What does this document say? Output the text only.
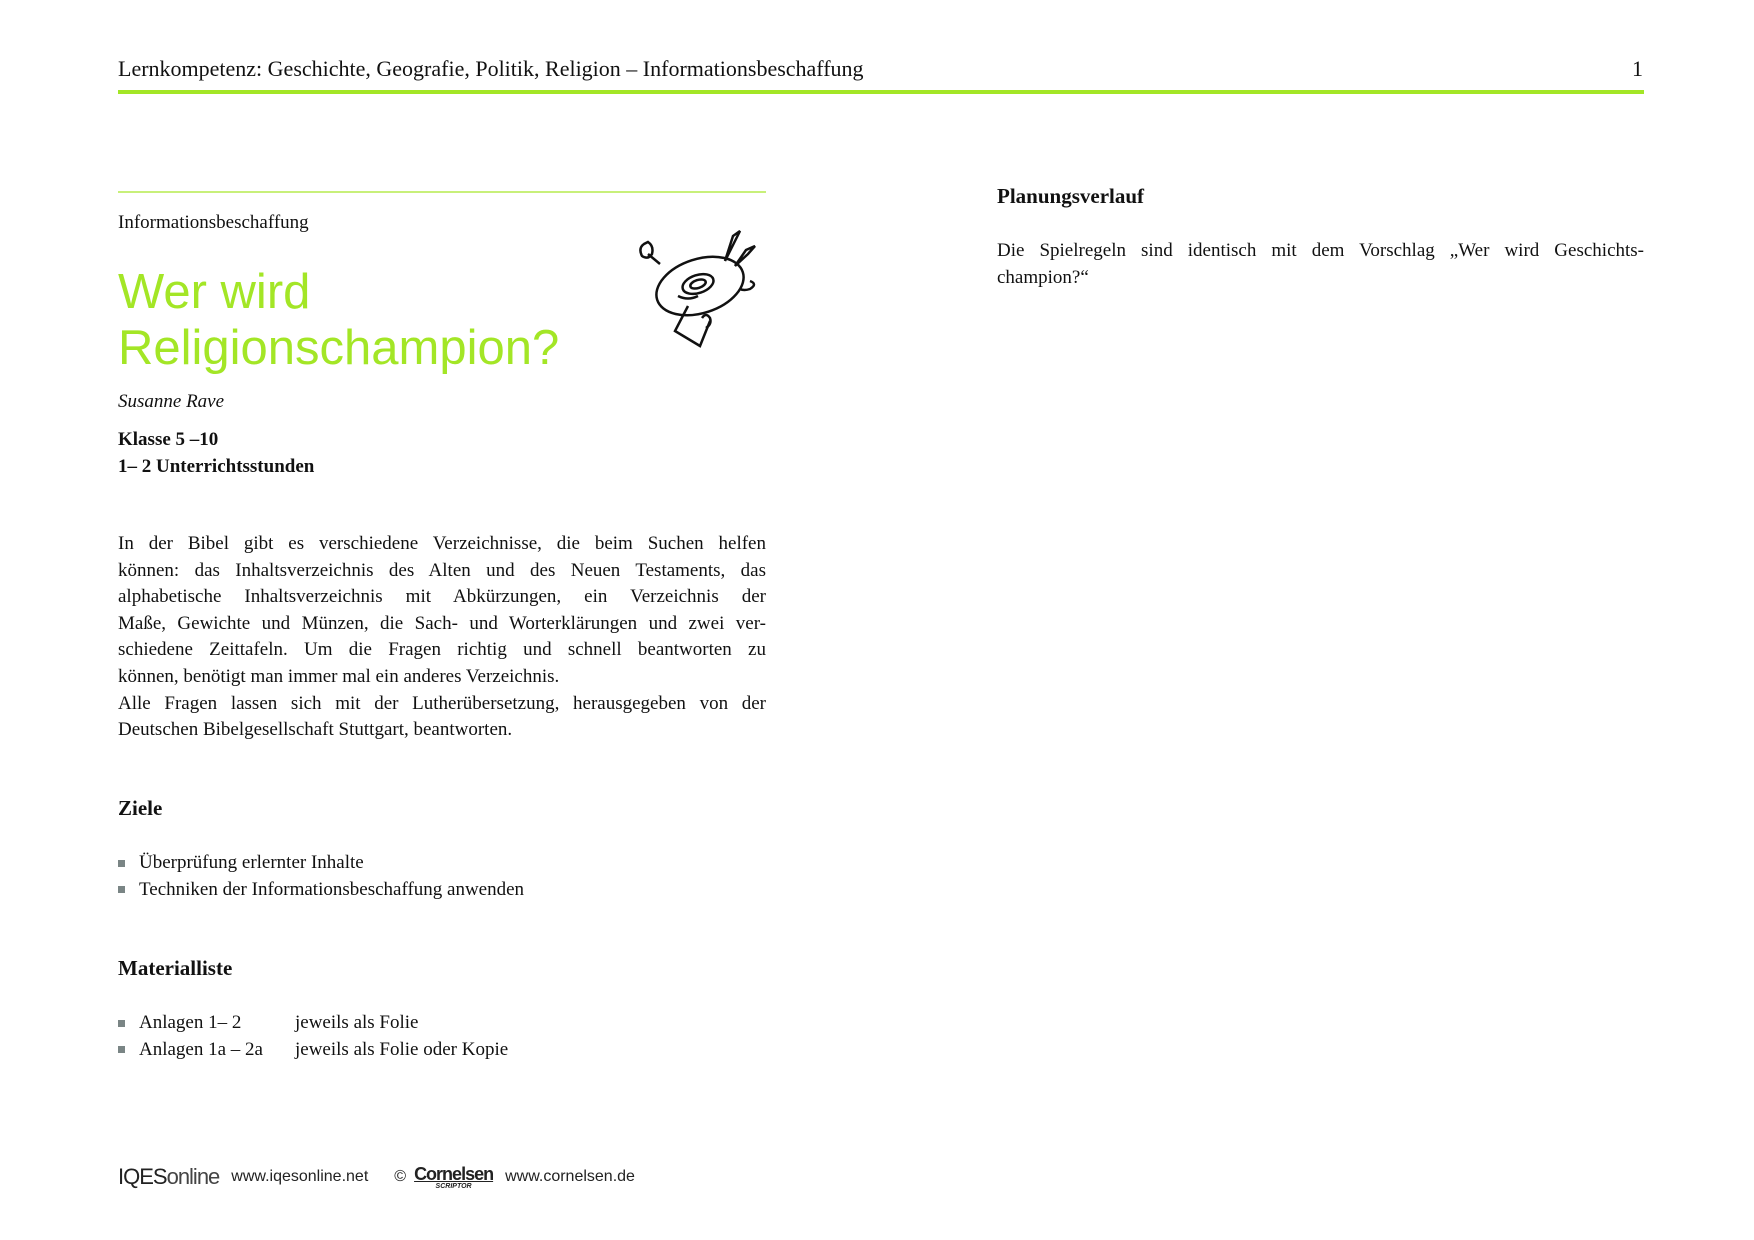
Lernkompetenz: Geschichte, Geografie, Politik, Religion – Informationsbeschaffung	1
Informationsbeschaffung
Wer wird
Religionschampion?
Susanne Rave
Klasse 5 –10
1– 2 Unterrichtsstunden
In der Bibel gibt es verschiedene Verzeichnisse, die beim Suchen helfen
können: das Inhaltsverzeichnis des Alten und des Neuen Testaments, das
alphabetische Inhaltsverzeichnis mit Abkürzungen, ein Verzeichnis der
Maße, Gewichte und Münzen, die Sach- und Worterklärungen und zwei ver-
schiedene Zeittafeln. Um die Fragen richtig und schnell beantworten zu
können, benötigt man immer mal ein anderes Verzeichnis.
Alle Fragen lassen sich mit der Lutherübersetzung, herausgegeben von der
Deutschen Bibelgesellschaft Stuttgart, beantworten.
Ziele
Überprüfung erlernter Inhalte
Techniken der Informationsbeschaffung anwenden
Materialliste
Anlagen 1– 2	jeweils als Folie
Anlagen 1a – 2a	jeweils als Folie oder Kopie
Planungsverlauf
Die Spielregeln sind identisch mit dem Vorschlag „Wer wird Geschichts-
champion?“
IQESonline www.iqesonline.net © Cornelsen
SCRIPTOR
www.cornelsen.de
